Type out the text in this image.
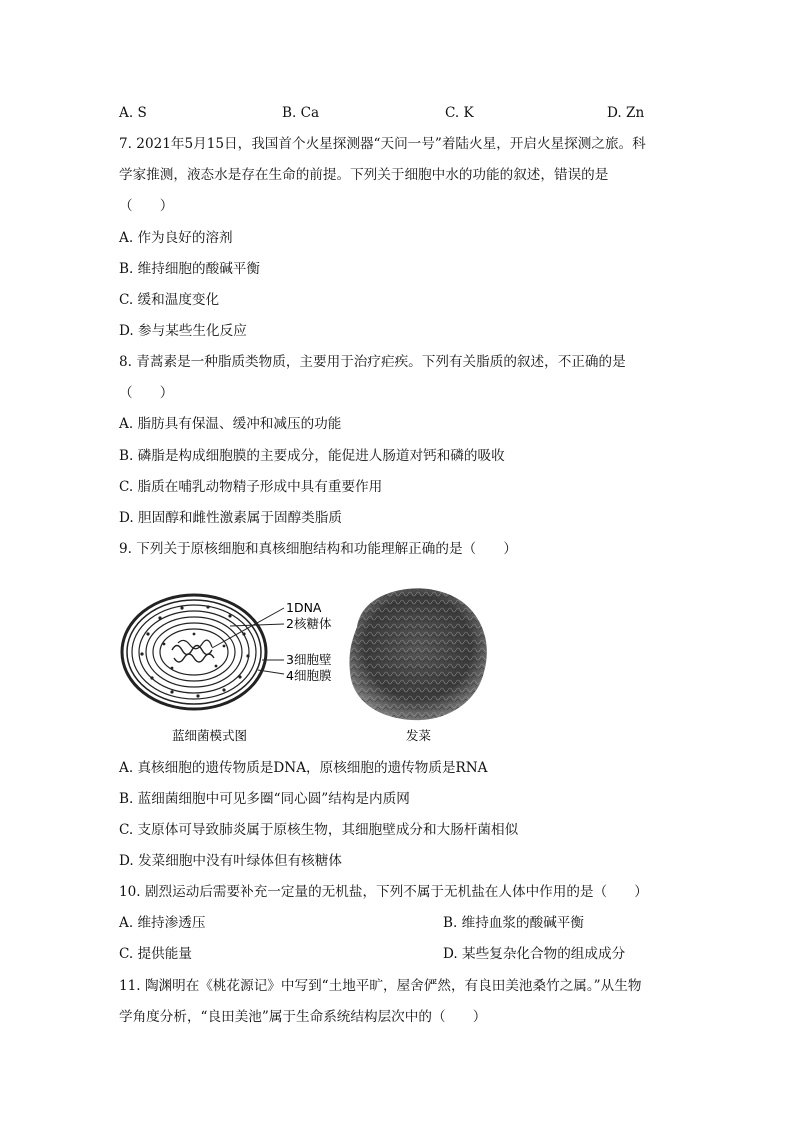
A. S	B. Ca	C. K	D. Zn
7. 2021年5月15日，我国首个火星探测器“天问一号”着陆火星，开启火星探测之旅。科
学家推测，液态水是存在生命的前提。下列关于细胞中水的功能的叙述，错误的是
（　　）
A. 作为良好的溶剂
B. 维持细胞的酸碱平衡
C. 缓和温度变化
D. 参与某些生化反应
8. 青蒿素是一种脂质类物质，主要用于治疗疟疾。下列有关脂质的叙述，不正确的是
（　　）
A. 脂肪具有保温、缓冲和减压的功能
B. 磷脂是构成细胞膜的主要成分，能促进人肠道对钙和磷的吸收
C. 脂质在哺乳动物精子形成中具有重要作用
D. 胆固醇和雌性激素属于固醇类脂质
9. 下列关于原核细胞和真核细胞结构和功能理解正确的是（　　）
1DNA
2核糖体
3细胞壁
4细胞膜
蓝细菌模式图	发菜
A. 真核细胞的遗传物质是DNA，原核细胞的遗传物质是RNA
B. 蓝细菌细胞中可见多圈“同心圆”结构是内质网
C. 支原体可导致肺炎属于原核生物，其细胞壁成分和大肠杆菌相似
D. 发菜细胞中没有叶绿体但有核糖体
10. 剧烈运动后需要补充一定量的无机盐，下列不属于无机盐在人体中作用的是（　　）
A. 维持渗透压	B. 维持血浆的酸碱平衡
C. 提供能量	D. 某些复杂化合物的组成成分
11. 陶渊明在《桃花源记》中写到“土地平旷，屋舍俨然，有良田美池桑竹之属。”从生物
学角度分析，“良田美池”属于生命系统结构层次中的（　　）
